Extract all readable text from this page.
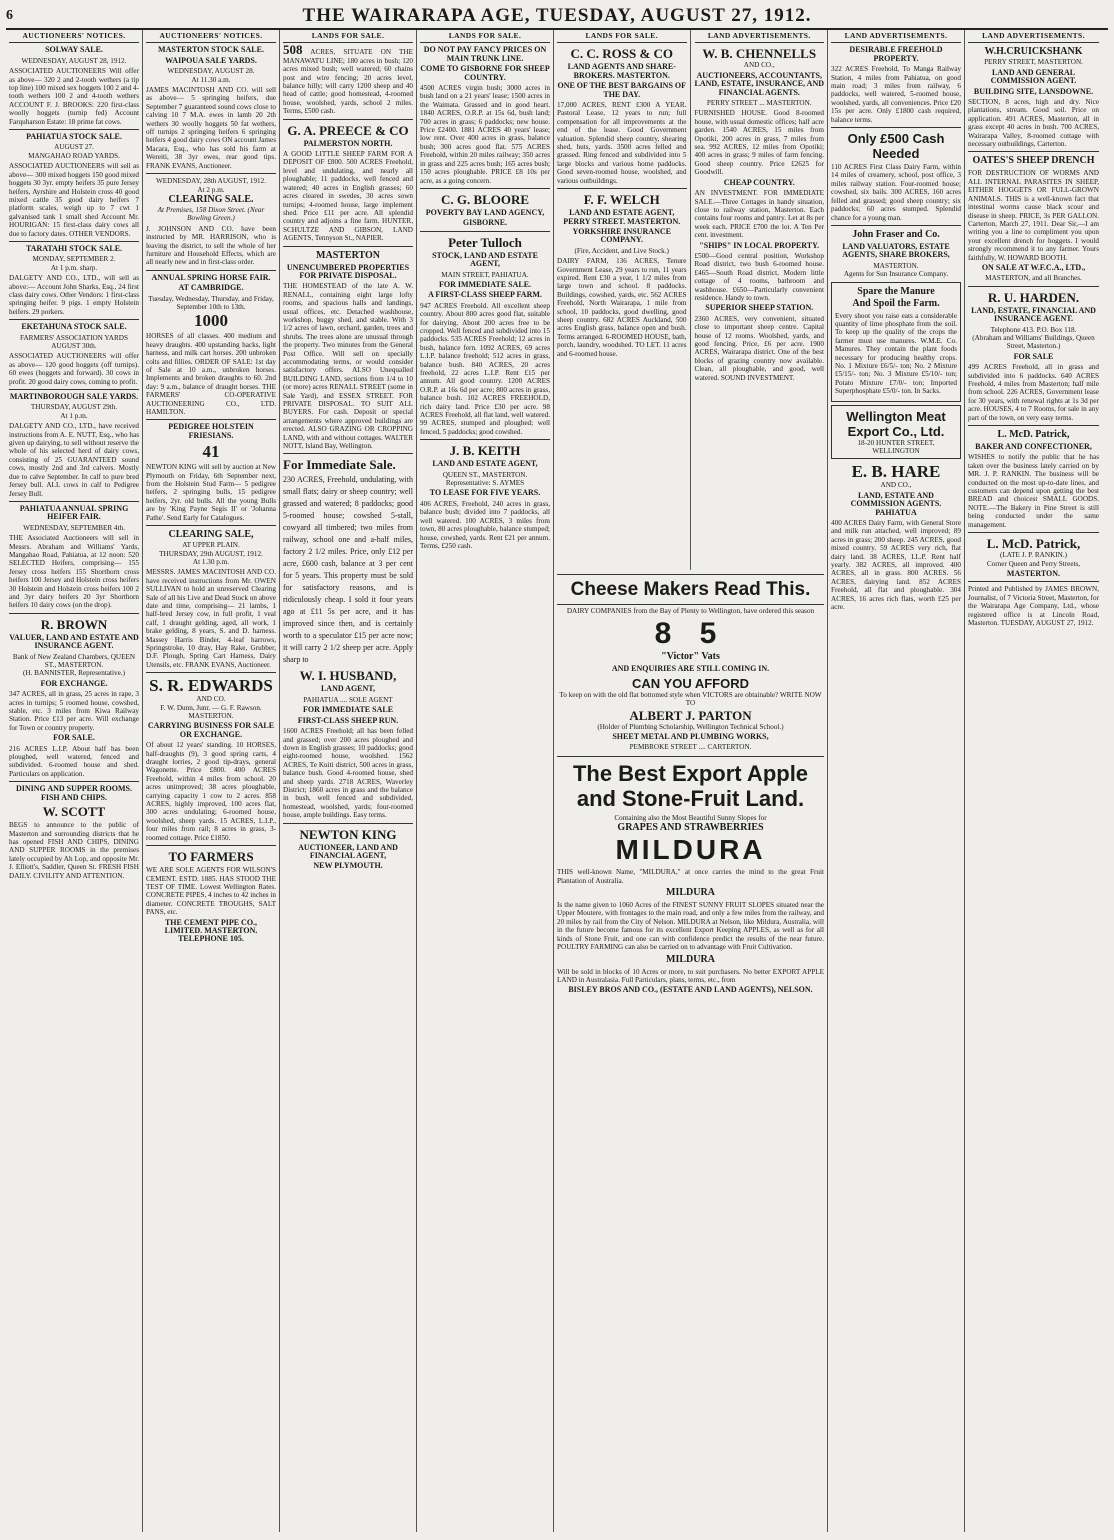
6	THE WAIRARAPA AGE, TUESDAY, AUGUST 27, 1912.
AUCTIONEERS' NOTICES.
SOLWAY SALE.
WEDNESDAY, AUGUST 28, 1912.
ASSOCIATED AUCTIONEERS Will offer as above— 320 2 and 2-tooth wethers (a tip top line) 100 mixed sex hoggets 100 2 and 4-tooth wethers 100 2 and 4-tooth wethers ACCOUNT F. J. BROOKS: 220 first-class woolly hoggets (turnip fed) Account Farquharson Estate: 18 prime fat cows.
PAHIATUA STOCK SALE.
AUGUST 27.
MANGAHAO ROAD YARDS.
ASSOCIATED AUCTIONEERS will sell as above— 300 mixed hoggets 150 good mixed hoggets 30 3yr. empty heifers 35 pure Jersey heifers, Ayrshire and Holstein cross 40 good mixed cattle 35 good dairy heifers 7 platform scales, weigh up to 7 cwt 1 galvanised tank 1 small shed Account Mr. HOURIGAN: 15 first-class dairy cows all due to factory dates. OTHER VENDORS.
TARATAHI STOCK SALE.
MONDAY, SEPTEMBER 2.
At 1 p.m. sharp.
DALGETY AND CO., LTD., will sell as above:— Account John Sharks, Esq., 24 first class dairy cows. Other Vendors: 1 first-class springing heifer. 9 pigs. 1 empty Holstein heifers. 29 porkers.
EKETAHUNA STOCK SALE.
FARMERS' ASSOCIATION YARDS
AUGUST 30th.
ASSOCIATED AUCTIONEERS will offer as above— 120 good hoggets (off turnips). 60 ewes (hoggets and forward). 30 cows in profit. 20 good dairy cows, coming to profit.
MARTINBOROUGH SALE YARDS.
THURSDAY, AUGUST 29th.
At 1 p.m.
DALGETY AND CO., LTD., have received instructions from A. E. NUTT, Esq., who has given up dairying, to sell without reserve the whole of his selected herd of dairy cows, consisting of 25 GUARANTEED sound cows, mostly 2nd and 3rd calvers. Mostly due to calve September. In calf to pure bred Jersey bull. ALL cows in calf to Pedigree Jersey Bull.
PAHIATUA ANNUAL SPRING HEIFER FAIR.
WEDNESDAY, SEPTEMBER 4th.
THE Associated Auctioneers will sell in Messrs. Abraham and Williams' Yards, Mangahao Road, Pahiatua, at 12 noon: 520 SELECTED Heifers, comprising— 155 Jersey cross heifers 155 Shorthorn cross heifers 100 Jersey and Holstein cross heifers 30 Holstein and Holstein cross heifers 100 2 and 3yr dairy heifers 20 3yr Shorthorn heifers 10 dairy cows (on the drop).
R. BROWN
VALUER, LAND AND ESTATE AND INSURANCE AGENT.
Bank of New Zealand Chambers, QUEEN ST., MASTERTON.
(H. BANNISTER, Representative.)
FOR EXCHANGE.
347 ACRES, all in grass, 25 acres in rape, 3 acres in turnips; 5 roomed house, cowshed, stable, etc. 3 miles from Kiwa Railway Station. Price £13 per acre. Will exchange for Town or country property.
FOR SALE.
216 ACRES L.I.P. About half has been ploughed, well watered, fenced and subdivided. 6-roomed house and shed. Particulars on application.
DINING AND SUPPER ROOMS. FISH AND CHIPS.
W. SCOTT
BEGS to announce to the public of Masterton and surrounding districts that he has opened FISH AND CHIPS, DINING AND SUPPER ROOMS in the premises lately occupied by Ah Lop, and opposite Mr. J. Elliott's, Saddler, Queen St. FRESH FISH DAILY. CIVILITY AND ATTENTION.
AUCTIONEERS' NOTICES.
MASTERTON STOCK SALE.
WAIPOUA SALE YARDS.
WEDNESDAY, AUGUST 28.
At 11.30 a.m.
JAMES MACINTOSH AND CO. will sell as above— 5 springing heifers, due September 7 guaranteed sound cows close to calving 10 7 M.A. ewes in lamb 20 2th wethers 30 woolly hoggets 50 fat wethers, off turnips 2 springing heifers 6 springing heifers 4 good dairy cows ON account James Macara, Esq., who has sold his farm at Wereiti, 38 3yr ewes, rear good tips. FRANK EVANS, Auctioneer.
WEDNESDAY, 28th AUGUST, 1912.
At 2 p.m.
CLEARING SALE.
At Premises, 158 Dixon Street. (Near Bowling Green.)
J. JOHNSON AND CO. have been instructed by MR. HARRISON, who is leaving the district, to sell the whole of her furniture and Household Effects, which are all nearly new and in first-class order.
ANNUAL SPRING HORSE FAIR.
AT CAMBRIDGE.
Tuesday, Wednesday, Thursday, and Friday, September 10th to 13th.
1000
HORSES of all classes. 400 medium and heavy draughts. 400 upstanding hacks, light harness, and milk cart horses. 200 unbroken colts and fillies. ORDER OF SALE: 1st day of Sale at 10 a.m., unbroken horses. Implements and broken draughts to 60. 2nd day: 9 a.m., balance of draught horses. THE FARMERS' CO-OPERATIVE AUCTIONEERING CO., LTD. HAMILTON.
PEDIGREE HOLSTEIN FRIESIANS.
41
NEWTON KING will sell by auction at New Plymouth on Friday, 6th September next, from the Holstein Stud Farm— 5 pedigree heifers, 2 springing bulls, 15 pedigree heifers, 2yr. old bulls. All the young Bulls are by 'King Payne Segis II' or 'Johanna Pathe'. Send Early for Catalogues.
CLEARING SALE,
AT UPPER PLAIN.
THURSDAY, 29th AUGUST, 1912.
At 1.30 p.m.
MESSRS. JAMES MACINTOSH AND CO. have received instructions from Mr. OWEN SULLIVAN to hold an unreserved Clearing Sale of all his Live and Dead Stock on above date and time, comprising— 21 lambs, 1 half-bred Jersey cow, in full profit, 1 veal calf, 1 draught gelding, aged, all work, 1 brake gelding, 8 years, S. and D. harness. Massey Harris Binder, 4-leaf harrows, Springstroke, 10 dray, Hay Rake, Grubber, D.F. Plough, Spring Cart Harness, Dairy Utensils, etc. FRANK EVANS, Auctioneer.
S. R. EDWARDS
AND CO.
F. W. Dunn, Junr. — G. F. Rawson. MASTERTON.
CARRYING BUSINESS FOR SALE OR EXCHANGE.
Of about 12 years' standing. 10 HORSES, half-draughts (9), 3 good spring carts, 4 draught lorries, 2 good tip-drays, general Wagonette. Price £800. 400 ACRES Freehold, within 4 miles from school. 20 acres unimproved; 38 acres ploughable, carrying capacity 1 cow to 2 acres. 858 ACRES, highly improved, 100 acres flat, 300 acres undulating; 6-roomed house, woolshed, sheep yards. 15 ACRES, L.I.P., four miles from rail; 8 acres in grass, 3-roomed cottage. Price £1850.
TO FARMERS
WE ARE SOLE AGENTS FOR WILSON'S CEMENT. ESTD. 1885. HAS STOOD THE TEST OF TIME. Lowest Wellington Rates. CONCRETE PIPES, 4 inches to 42 inches in diameter. CONCRETE TROUGHS, SALT PANS, etc.
THE CEMENT PIPE CO., LIMITED. MASTERTON. TELEPHONE 105.
LANDS FOR SALE.
508 ACRES, SITUATE ON THE MANAWATU LINE; 180 acres in bush; 120 acres mixed bush; well watered; 60 chains post and wire fencing; 20 acres level, balance hilly; will carry 1200 sheep and 40 head of cattle; good homestead, 4-roomed house, woolshed, yards, school 2 miles. Terms, £500 cash.
G. A. PREECE & CO
PALMERSTON NORTH.
A GOOD LITTLE SHEEP FARM FOR A DEPOSIT OF £800. 500 ACRES Freehold, level and undulating, and nearly all ploughable; 11 paddocks, well fenced and watered; 40 acres in English grasses; 60 acres cleared in swedes, 30 acres sown turnips; 4-roomed house, large implement shed. Price £11 per acre. All splendid country and adjoins a fine farm. HUNTER, SCHULTZE AND GIBSON, LAND AGENTS, Tennyson St., NAPIER.
MASTERTON
UNENCUMBERED PROPERTIES FOR PRIVATE DISPOSAL.
THE HOMESTEAD of the late A. W. RENALL, containing eight large lofty rooms, and spacious halls and landings, usual offices, etc. Detached washhouse, workshop, buggy shed, and stable. With 3 1/2 acres of lawn, orchard, garden, trees and shrubs. The trees alone are unusual through the property. Two minutes from the General Post Office. Will sell on specially accommodating terms, or would consider satisfactory offers. ALSO Unequalled BUILDING LAND, sections from 1/4 to 10 (or more) acres RENALL STREET (some in Sale Yard), and ESSEX STREET. FOR PRIVATE DISPOSAL. TO SUIT ALL BUYERS. For cash. Deposit or special arrangements where approved buildings are erected. ALSO GRAZING OR CROPPING LAND, with and without cottages. WALTER NOTT, Island Bay, Wellington.
For Immediate Sale.
230 ACRES, Freehold, undulating, with small flats; dairy or sheep country; well grassed and watered; 8 paddocks; good 5-roomed house; cowshed 5-stall, cowyard all timbered; two miles from railway, school one and a-half miles, factory 2 1/2 miles. Price, only £12 per acre, £600 cash, balance at 3 per cent for 5 years. This property must be sold for satisfactory reasons, and is ridiculously cheap. I sold it four years ago at £11 5s per acre, and it has improved since then, and is certainly worth to a speculator £15 per acre now; it will carry 2 1/2 sheep per acre. Apply sharp to
W. I. HUSBAND,
LAND AGENT,
PAHIATUA .... SOLE AGENT
FOR IMMEDIATE SALE
FIRST-CLASS SHEEP RUN.
1600 ACRES Freehold; all has been felled and grassed; over 200 acres ploughed and down in English grasses; 10 paddocks; good eight-roomed house, woolshed. 1562 ACRES, Te Kuiti district, 500 acres in grass, balance bush. Good 4-roomed house, shed and sheep yards. 2718 ACRES, Waverley District; 1860 acres in grass and the balance in bush, well fenced and subdivided, homestead, woolshed, yards; four-roomed house, ample buildings. Easy terms.
NEWTON KING
AUCTIONEER, LAND AND FINANCIAL AGENT,
NEW PLYMOUTH.
LANDS FOR SALE.
DO NOT PAY FANCY PRICES ON MAIN TRUNK LINE.
COME TO GISBORNE FOR SHEEP COUNTRY.
4500 ACRES virgin bush; 3000 acres in bush land on a 21 years' lease; 1500 acres in the Waimata. Grassed and in good heart. 1840 ACRES, O.R.P. at 15s 6d, bush land; 700 acres in grass; 6 paddocks; new house. Price £2400. 1881 ACRES 40 years' lease; low rent. Over 400 acres in grass, balance bush; 300 acres good flat. 575 ACRES Freehold, within 20 miles railway; 350 acres in grass and 225 acres bush; 165 acres bush; 150 acres ploughable. PRICE £8 10s per acre, as a going concern.
C. G. BLOORE
POVERTY BAY LAND AGENCY,
GISBORNE.
Peter Tulloch
STOCK, LAND AND ESTATE AGENT,
MAIN STREET, PAHIATUA.
FOR IMMEDIATE SALE.
A FIRST-CLASS SHEEP FARM.
947 ACRES Freehold. All excellent sheep country. About 800 acres good flat, suitable for dairying. About 200 acres free to be cropped. Well fenced and subdivided into 15 paddocks. 535 ACRES Freehold; 12 acres in bush, balance fern. 1092 ACRES, 69 acres L.I.P. balance freehold; 512 acres in grass, balance bush. 840 ACRES, 20 acres freehold, 22 acres L.I.P. Rent £15 per annum. All good country. 1200 ACRES O.R.P. at 16s 6d per acre; 800 acres in grass, balance bush. 102 ACRES FREEHOLD, rich dairy land. Price £30 per acre. 98 ACRES Freehold, all flat land, well watered. 99 ACRES, stumped and ploughed; well fenced, 5 paddocks; good cowshed.
J. B. KEITH
LAND AND ESTATE AGENT,
QUEEN ST., MASTERTON.
Representative: S. AYMES
TO LEASE FOR FIVE YEARS.
406 ACRES, Freehold, 240 acres in grass, balance bush; divided into 7 paddocks, all well watered. 100 ACRES, 3 miles from town, 80 acres ploughable, balance stumped; house, cowshed, yards. Rent £21 per annum. Terms, £250 cash.
LANDS FOR SALE.
C. C. ROSS & CO
LAND AGENTS AND SHARE-BROKERS. MASTERTON.
ONE OF THE BEST BARGAINS OF THE DAY.
17,000 ACRES, RENT £300 A YEAR. Pastoral Lease, 12 years to run; full compensation for all improvements at the end of the lease. Good Government valuation. Splendid sheep country, shearing shed, huts, yards. 3500 acres felled and grassed. Ring fenced and subdivided into 5 large blocks and various home paddocks. Good seven-roomed house, woolshed, and various outbuildings.
F. F. WELCH
LAND AND ESTATE AGENT, PERRY STREET. MASTERTON.
YORKSHIRE INSURANCE COMPANY.
(Fire, Accident, and Live Stock.)
DAIRY FARM, 136 ACRES, Tenure Government Lease, 29 years to run, 11 years expired. Rent £30 a year, 1 1/2 miles from large town and school. 8 paddocks. Buildings, cowshed, yards, etc. 562 ACRES Freehold, North Wairarapa, 1 mile from school, 10 paddocks, good dwelling, good sheep country. 682 ACRES Auckland, 500 acres English grass, balance open and bush. Terms arranged. 6-ROOMED HOUSE, bath, porch, laundry, woodshed. TO LET. 11 acres and 6-roomed house.
LAND ADVERTISEMENTS.
W. B. CHENNELLS
AND CO.,
AUCTIONEERS, ACCOUNTANTS, LAND, ESTATE, INSURANCE, AND FINANCIAL AGENTS.
PERRY STREET ... MASTERTON.
FURNISHED HOUSE. Good 8-roomed house, with usual domestic offices; half acre garden. 1540 ACRES, 15 miles from Opotiki, 200 acres in grass, 7 miles from sea. 992 ACRES, 12 miles from Opotiki; 400 acres in grass; 9 miles of farm fencing. Good sheep country. Price £2625 for Goodwill.
CHEAP COUNTRY.
AN INVESTMENT. FOR IMMEDIATE SALE.—Three Cottages in handy situation, close to railway station, Masterton. Each contains four rooms and pantry. Let at 8s per week each. PRICE £700 the lot. A Ten Per cent. investment.
"SHIPS" IN LOCAL PROPERTY.
£500—Good central position, Workshop Road district, two bush 6-roomed house. £465—South Road district, Modern little cottage of 4 rooms, bathroom and washhouse. £650—Particularly convenient residence. Handy to town.
SUPERIOR SHEEP STATION.
2360 ACRES, very convenient, situated close to important sheep centre. Capital house of 12 rooms. Woolshed, yards, and good fencing. Price, £6 per acre. 1900 ACRES, Wairarapa district. One of the best blocks of grazing country now available. Clean, all ploughable, and good, well watered. SOUND INVESTMENT.
Cheese Makers Read This.
DAIRY COMPANIES from the Bay of Plenty to Wellington, have ordered this season
8 5
"Victor" Vats
AND ENQUIRIES ARE STILL COMING IN.
CAN YOU AFFORD
To keep on with the old flat bottomed style when VICTORS are obtainable? WRITE NOW TO
ALBERT J. PARTON
(Holder of Plumbing Scholarship, Wellington Technical School.)
SHEET METAL AND PLUMBING WORKS,
PEMBROKE STREET .... CARTERTON.
The Best Export Apple
and Stone-Fruit Land.
Containing also the Most Beautiful Sunny Slopes for
GRAPES AND STRAWBERRIES
MILDURA
THIS well-known Name, "MILDURA," at once carries the mind to the great Fruit Plantation of Australia.
MILDURA
Is the name given to 1060 Acres of the FINEST SUNNY FRUIT SLOPES situated near the Upper Moutere, with frontages to the main road, and only a few miles from the railway, and 20 miles by rail from the City of Nelson. MILDURA at Nelson, like Mildura, Australia, will in the future become famous for its excellent Export Keeping APPLES, as well as for all kinds of Stone Fruit, and one can with confidence predict the results of the near future. POULTRY FARMING can also be carried on to advantage with Fruit Cultivation.
MILDURA
Will be sold in blocks of 10 Acres or more, to suit purchasers. No better EXPORT APPLE LAND in Australasia. Full Particulars, plans, terms, etc., from
BISLEY BROS AND CO., (ESTATE AND LAND AGENTS), NELSON.
LAND ADVERTISEMENTS.
DESIRABLE FREEHOLD PROPERTY.
322 ACRES Freehold, To Manga Railway Station, 4 miles from Pahiatua, on good main road; 3 miles from railway, 6 paddocks, well watered, 5-roomed house, woolshed, yards, all conveniences. Price £20 15s per acre. Only £1800 cash required, balance terms.
Only £500 Cash
Needed
110 ACRES First Class Dairy Farm, within 14 miles of creamery, school, post office, 3 miles railway station. Four-roomed house; cowshed, six bails. 300 ACRES, 160 acres felled and grassed; good sheep country; six paddocks; 60 acres stumped. Splendid chance for a young man.
John Fraser and Co.
LAND VALUATORS, ESTATE AGENTS, SHARE BROKERS,
MASTERTON.
Agents for Sun Insurance Company.
Spare the Manure
And Spoil the Farm.
Every shoot you raise eats a considerable quantity of lime phosphate from the soil. To keep up the quality of the crops the farmer must use manures. W.M.E. Co. Manures. They contain the plant foods necessary for producing healthy crops. No. 1 Mixture £6/5/- ton; No. 2 Mixture £5/15/- ton; No. 3 Mixture £5/10/- ton; Potato Mixture £7/0/- ton; Imported Superphosphate £5/0/- ton. In Sacks.
Wellington Meat Export Co., Ltd.
18-20 HUNTER STREET, WELLINGTON
E. B. HARE
AND CO.,
LAND, ESTATE AND COMMISSION AGENTS. PAHIATUA
400 ACRES Dairy Farm, with General Store and milk run attached, well improved; 89 acres in grass; 200 sheep. 245 ACRES, good mixed country. 59 ACRES very rich, flat dairy land. 38 ACRES, I.L.P. Rent half yearly. 382 ACRES, all improved. 400 ACRES, all in grass. 800 ACRES. 56 ACRES, dairying land. 852 ACRES Freehold, all flat and ploughable. 304 ACRES, 16 acres rich flats, worth £25 per acre.
LAND ADVERTISEMENTS.
W.H.CRUICKSHANK
PERRY STREET, MASTERTON.
LAND AND GENERAL COMMISSION AGENT.
BUILDING SITE, LANSDOWNE.
SECTION, 8 acres, high and dry. Nice plantations, stream. Good soil. Price on application. 491 ACRES, Masterton, all in grass except 40 acres in bush. 700 ACRES, Wairarapa Valley, 8-roomed cottage with necessary outbuildings, Carterton.
OATES'S SHEEP DRENCH
FOR DESTRUCTION OF WORMS AND ALL INTERNAL PARASITES IN SHEEP, EITHER HOGGETS OR FULL-GROWN ANIMALS. THIS is a well-known fact that intestinal worms cause black scour and disease in sheep. PRICE, 3s PER GALLON. Carterton, March 27, 1911. Dear Sir,—I am writing you a line to compliment you upon your excellent drench for hoggets. I would strongly recommend it to any farmer. Yours faithfully, W. HOWARD BOOTH.
ON SALE AT W.F.C.A., LTD.,
MASTERTON, and all Branches.
R. U. HARDEN.
LAND, ESTATE, FINANCIAL AND INSURANCE AGENT.
Telephone 413. P.O. Box 118.
(Abraham and Williams' Buildings, Queen Street, Masterton.)
FOR SALE
499 ACRES Freehold, all in grass and subdivided into 6 paddocks. 640 ACRES Freehold, 4 miles from Masterton; half mile from school. 226 ACRES, Government lease for 30 years, with renewal rights at 1s 3d per acre. HOUSES, 4 to 7 Rooms, for sale in any part of the town, on very easy terms.
L. McD. Patrick,
BAKER AND CONFECTIONER,
WISHES to notify the public that he has taken over the business lately carried on by MR. J. P. RANKIN. The business will be conducted on the most up-to-date lines, and customers can depend upon getting the best BREAD and choicest SMALL GOODS. NOTE.—The Bakery in Pine Street is still being conducted under the same management.
L. McD. Patrick,
(LATE J. P. RANKIN.)
Corner Queen and Perry Streets,
MASTERTON.
Printed and Published by JAMES BROWN, Journalist, of 7 Victoria Street, Masterton, for the Wairarapa Age Company, Ltd., whose registered office is at Lincoln Road, Masterton. TUESDAY, AUGUST 27, 1912.
